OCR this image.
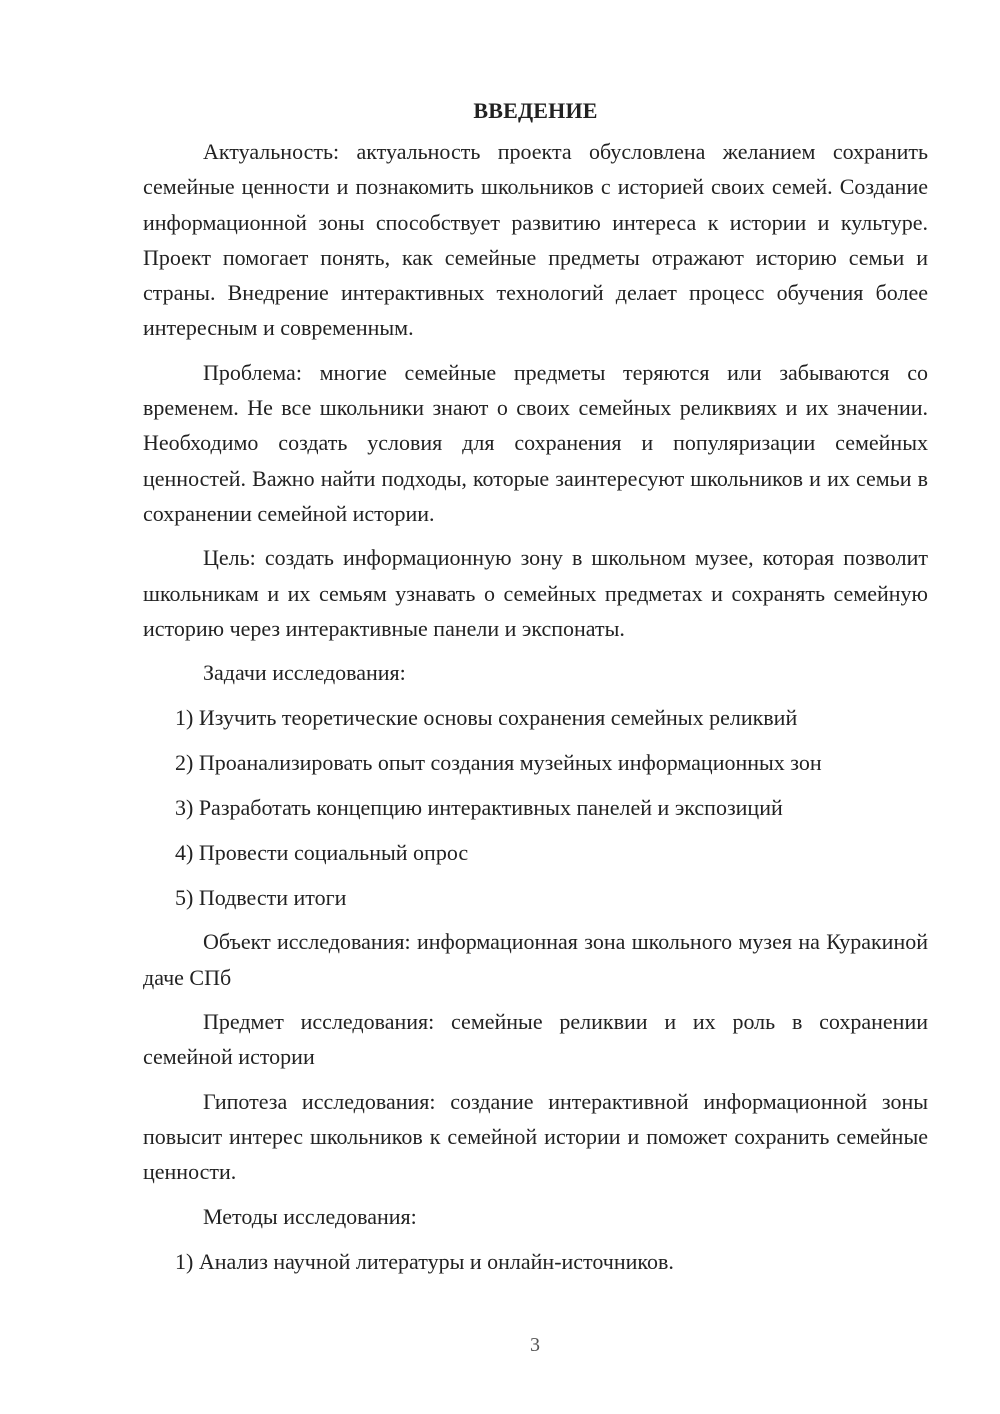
ВВЕДЕНИЕ

Актуальность: актуальность проекта обусловлена желанием сохранить семейные ценности и познакомить школьников с историей своих семей. Создание информационной зоны способствует развитию интереса к истории и культуре. Проект помогает понять, как семейные предметы отражают историю семьи и страны. Внедрение интерактивных технологий делает процесс обучения более интересным и современным.

Проблема: многие семейные предметы теряются или забываются со временем. Не все школьники знают о своих семейных реликвиях и их значении. Необходимо создать условия для сохранения и популяризации семейных ценностей. Важно найти подходы, которые заинтересуют школьников и их семьи в сохранении семейной истории.

Цель: создать информационную зону в школьном музее, которая позволит школьникам и их семьям узнавать о семейных предметах и сохранять семейную историю через интерактивные панели и экспонаты.

Задачи исследования:

1) Изучить теоретические основы сохранения семейных реликвий
2) Проанализировать опыт создания музейных информационных зон
3) Разработать концепцию интерактивных панелей и экспозиций
4) Провести социальный опрос
5) Подвести итоги

Объект исследования: информационная зона школьного музея на Куракиной даче СПб

Предмет исследования: семейные реликвии и их роль в сохранении семейной истории

Гипотеза исследования: создание интерактивной информационной зоны повысит интерес школьников к семейной истории и поможет сохранить семейные ценности.

Методы исследования:

1) Анализ научной литературы и онлайн-источников.
3
